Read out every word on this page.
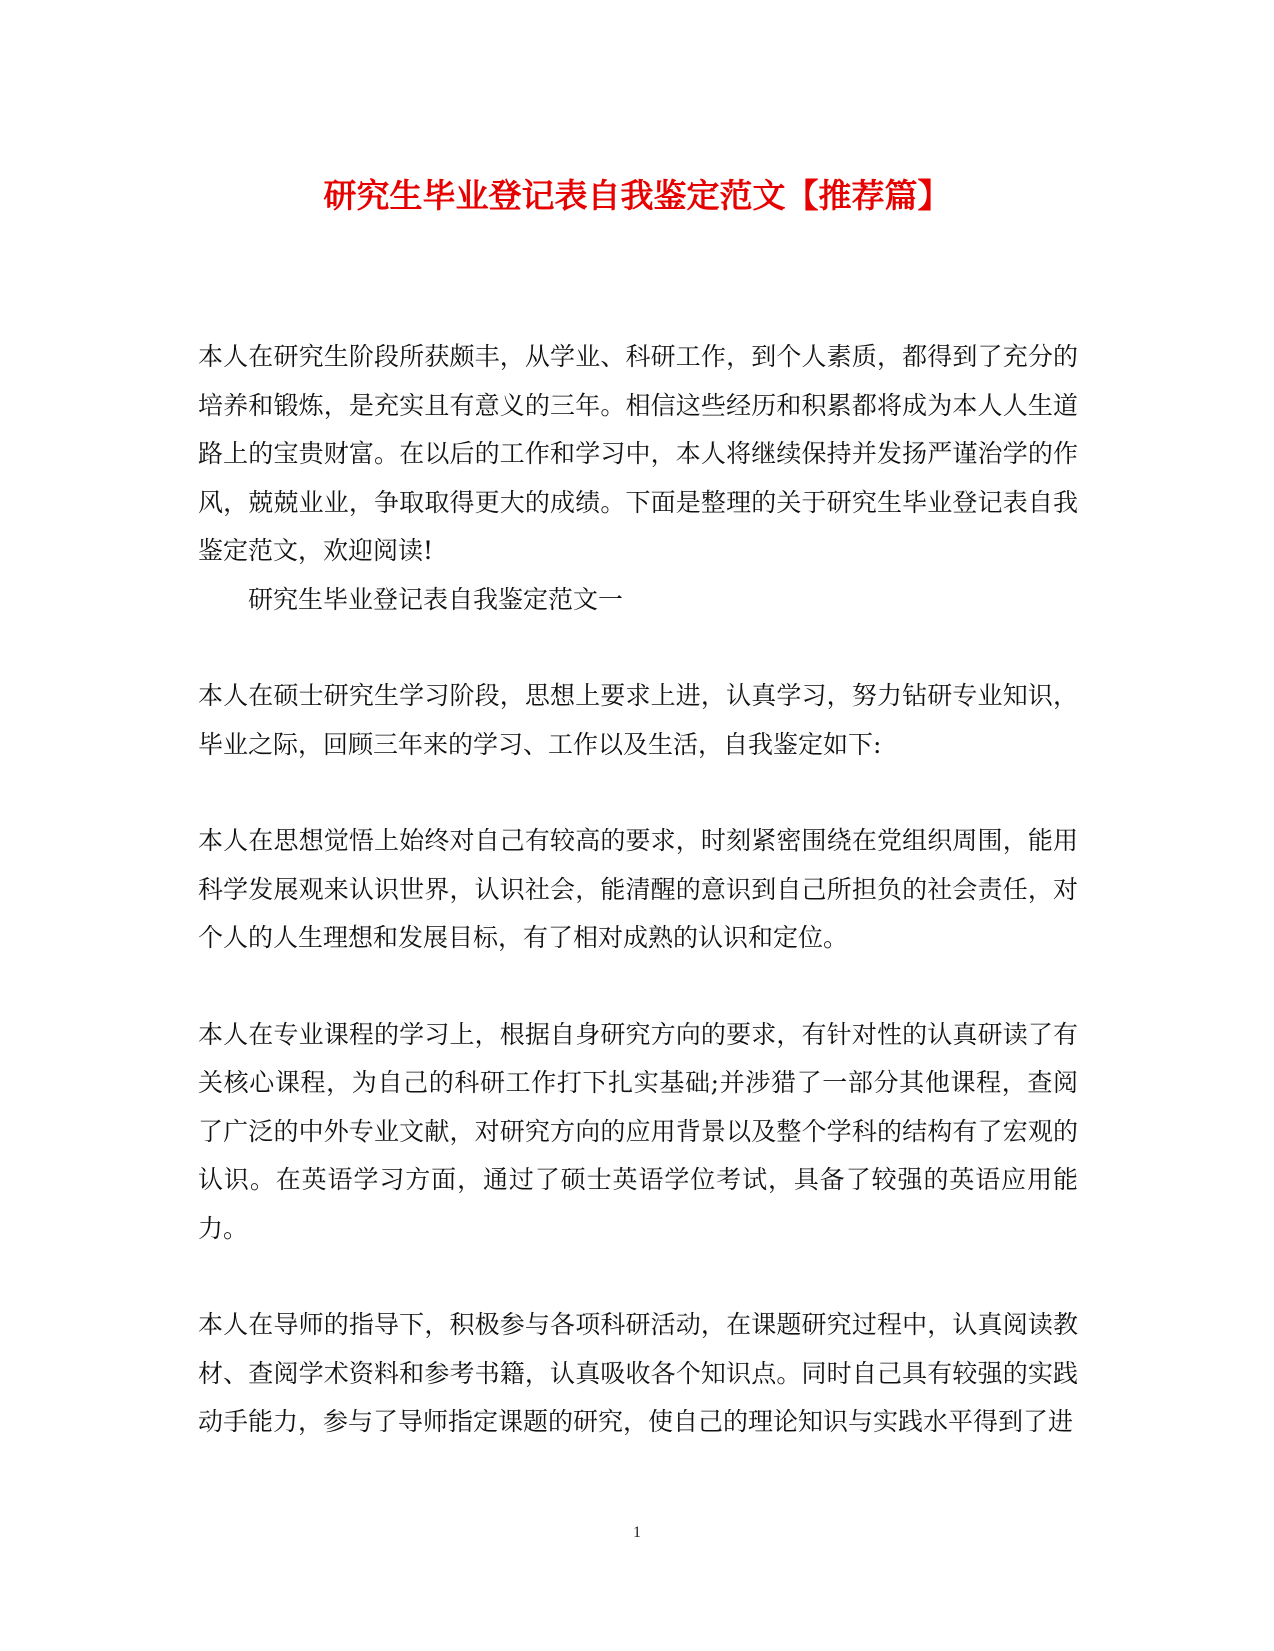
研究生毕业登记表自我鉴定范文【推荐篇】

本人在研究生阶段所获颇丰，从学业、科研工作，到个人素质，都得到了充分的培养和锻炼，是充实且有意义的三年。相信这些经历和积累都将成为本人人生道路上的宝贵财富。在以后的工作和学习中，本人将继续保持并发扬严谨治学的作风，兢兢业业，争取取得更大的成绩。下面是整理的关于研究生毕业登记表自我鉴定范文，欢迎阅读!

研究生毕业登记表自我鉴定范文一

本人在硕士研究生学习阶段，思想上要求上进，认真学习，努力钻研专业知识，毕业之际，回顾三年来的学习、工作以及生活，自我鉴定如下:

本人在思想觉悟上始终对自己有较高的要求，时刻紧密围绕在党组织周围，能用科学发展观来认识世界，认识社会，能清醒的意识到自己所担负的社会责任，对个人的人生理想和发展目标，有了相对成熟的认识和定位。

本人在专业课程的学习上，根据自身研究方向的要求，有针对性的认真研读了有关核心课程，为自己的科研工作打下扎实基础;并涉猎了一部分其他课程，查阅了广泛的中外专业文献，对研究方向的应用背景以及整个学科的结构有了宏观的认识。在英语学习方面，通过了硕士英语学位考试，具备了较强的英语应用能力。

本人在导师的指导下，积极参与各项科研活动，在课题研究过程中，认真阅读教材、查阅学术资料和参考书籍，认真吸收各个知识点。同时自己具有较强的实践动手能力，参与了导师指定课题的研究，使自己的理论知识与实践水平得到了进

1
